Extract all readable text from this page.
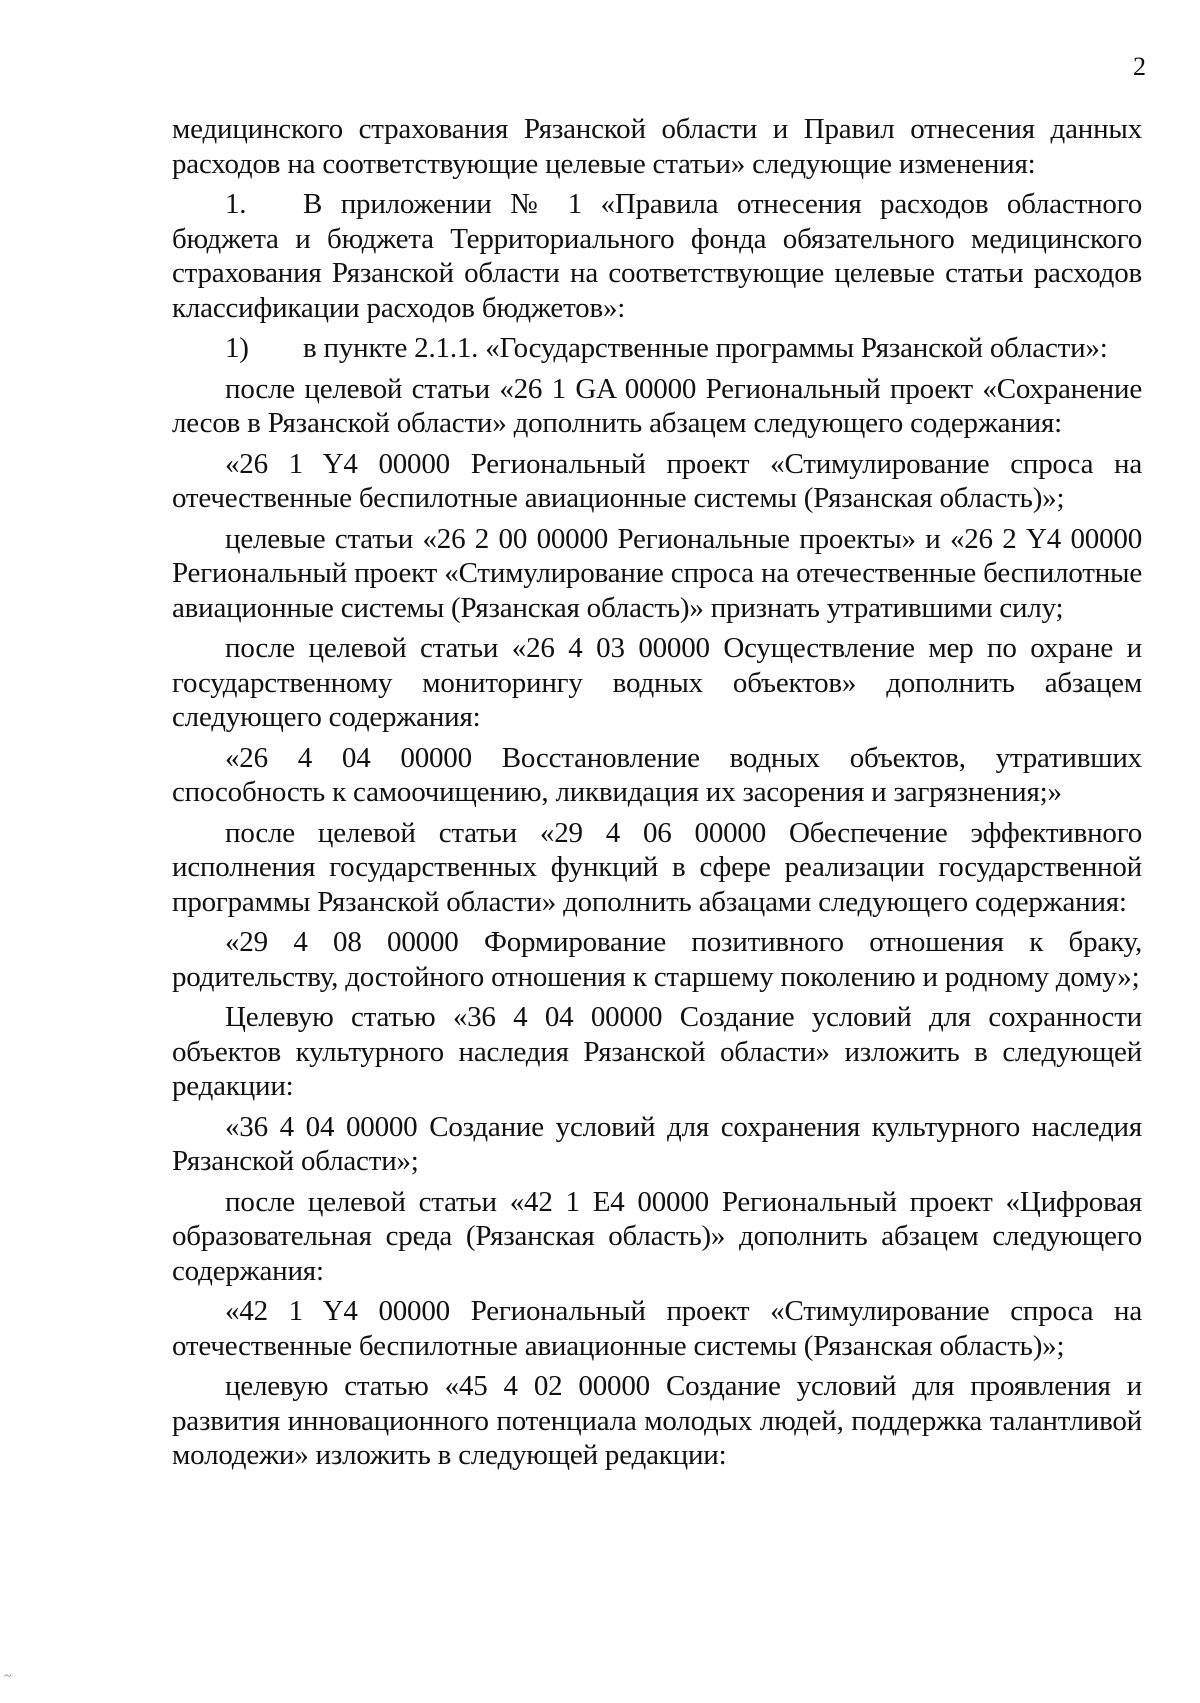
2

медицинского страхования Рязанской области и Правил отнесения данных расходов на соответствующие целевые статьи» следующие изменения:

1. В приложении № 1 «Правила отнесения расходов областного бюджета и бюджета Территориального фонда обязательного медицинского страхования Рязанской области на соответствующие целевые статьи расходов классификации расходов бюджетов»:

1) в пункте 2.1.1. «Государственные программы Рязанской области»:

после целевой статьи «26 1 GA 00000 Региональный проект «Сохранение лесов в Рязанской области» дополнить абзацем следующего содержания:

«26 1 Y4 00000 Региональный проект «Стимулирование спроса на отечественные беспилотные авиационные системы (Рязанская область)»;

целевые статьи «26 2 00 00000 Региональные проекты» и «26 2 Y4 00000 Региональный проект «Стимулирование спроса на отечественные беспилотные авиационные системы (Рязанская область)» признать утратившими силу;

после целевой статьи «26 4 03 00000 Осуществление мер по охране и государственному мониторингу водных объектов» дополнить абзацем следующего содержания:

«26 4 04 00000 Восстановление водных объектов, утративших способность к самоочищению, ликвидация их засорения и загрязнения;»

после целевой статьи «29 4 06 00000 Обеспечение эффективного исполнения государственных функций в сфере реализации государственной программы Рязанской области» дополнить абзацами следующего содержания:

«29 4 08 00000 Формирование позитивного отношения к браку, родительству, достойного отношения к старшему поколению и родному дому»;

Целевую статью «36 4 04 00000 Создание условий для сохранности объектов культурного наследия Рязанской области» изложить в следующей редакции:

«36 4 04 00000 Создание условий для сохранения культурного наследия Рязанской области»;

после целевой статьи «42 1 Е4 00000 Региональный проект «Цифровая образовательная среда (Рязанская область)» дополнить абзацем следующего содержания:

«42 1 Y4 00000 Региональный проект «Стимулирование спроса на отечественные беспилотные авиационные системы (Рязанская область)»;

целевую статью «45 4 02 00000 Создание условий для проявления и развития инновационного потенциала молодых людей, поддержка талантливой молодежи» изложить в следующей редакции:

~
